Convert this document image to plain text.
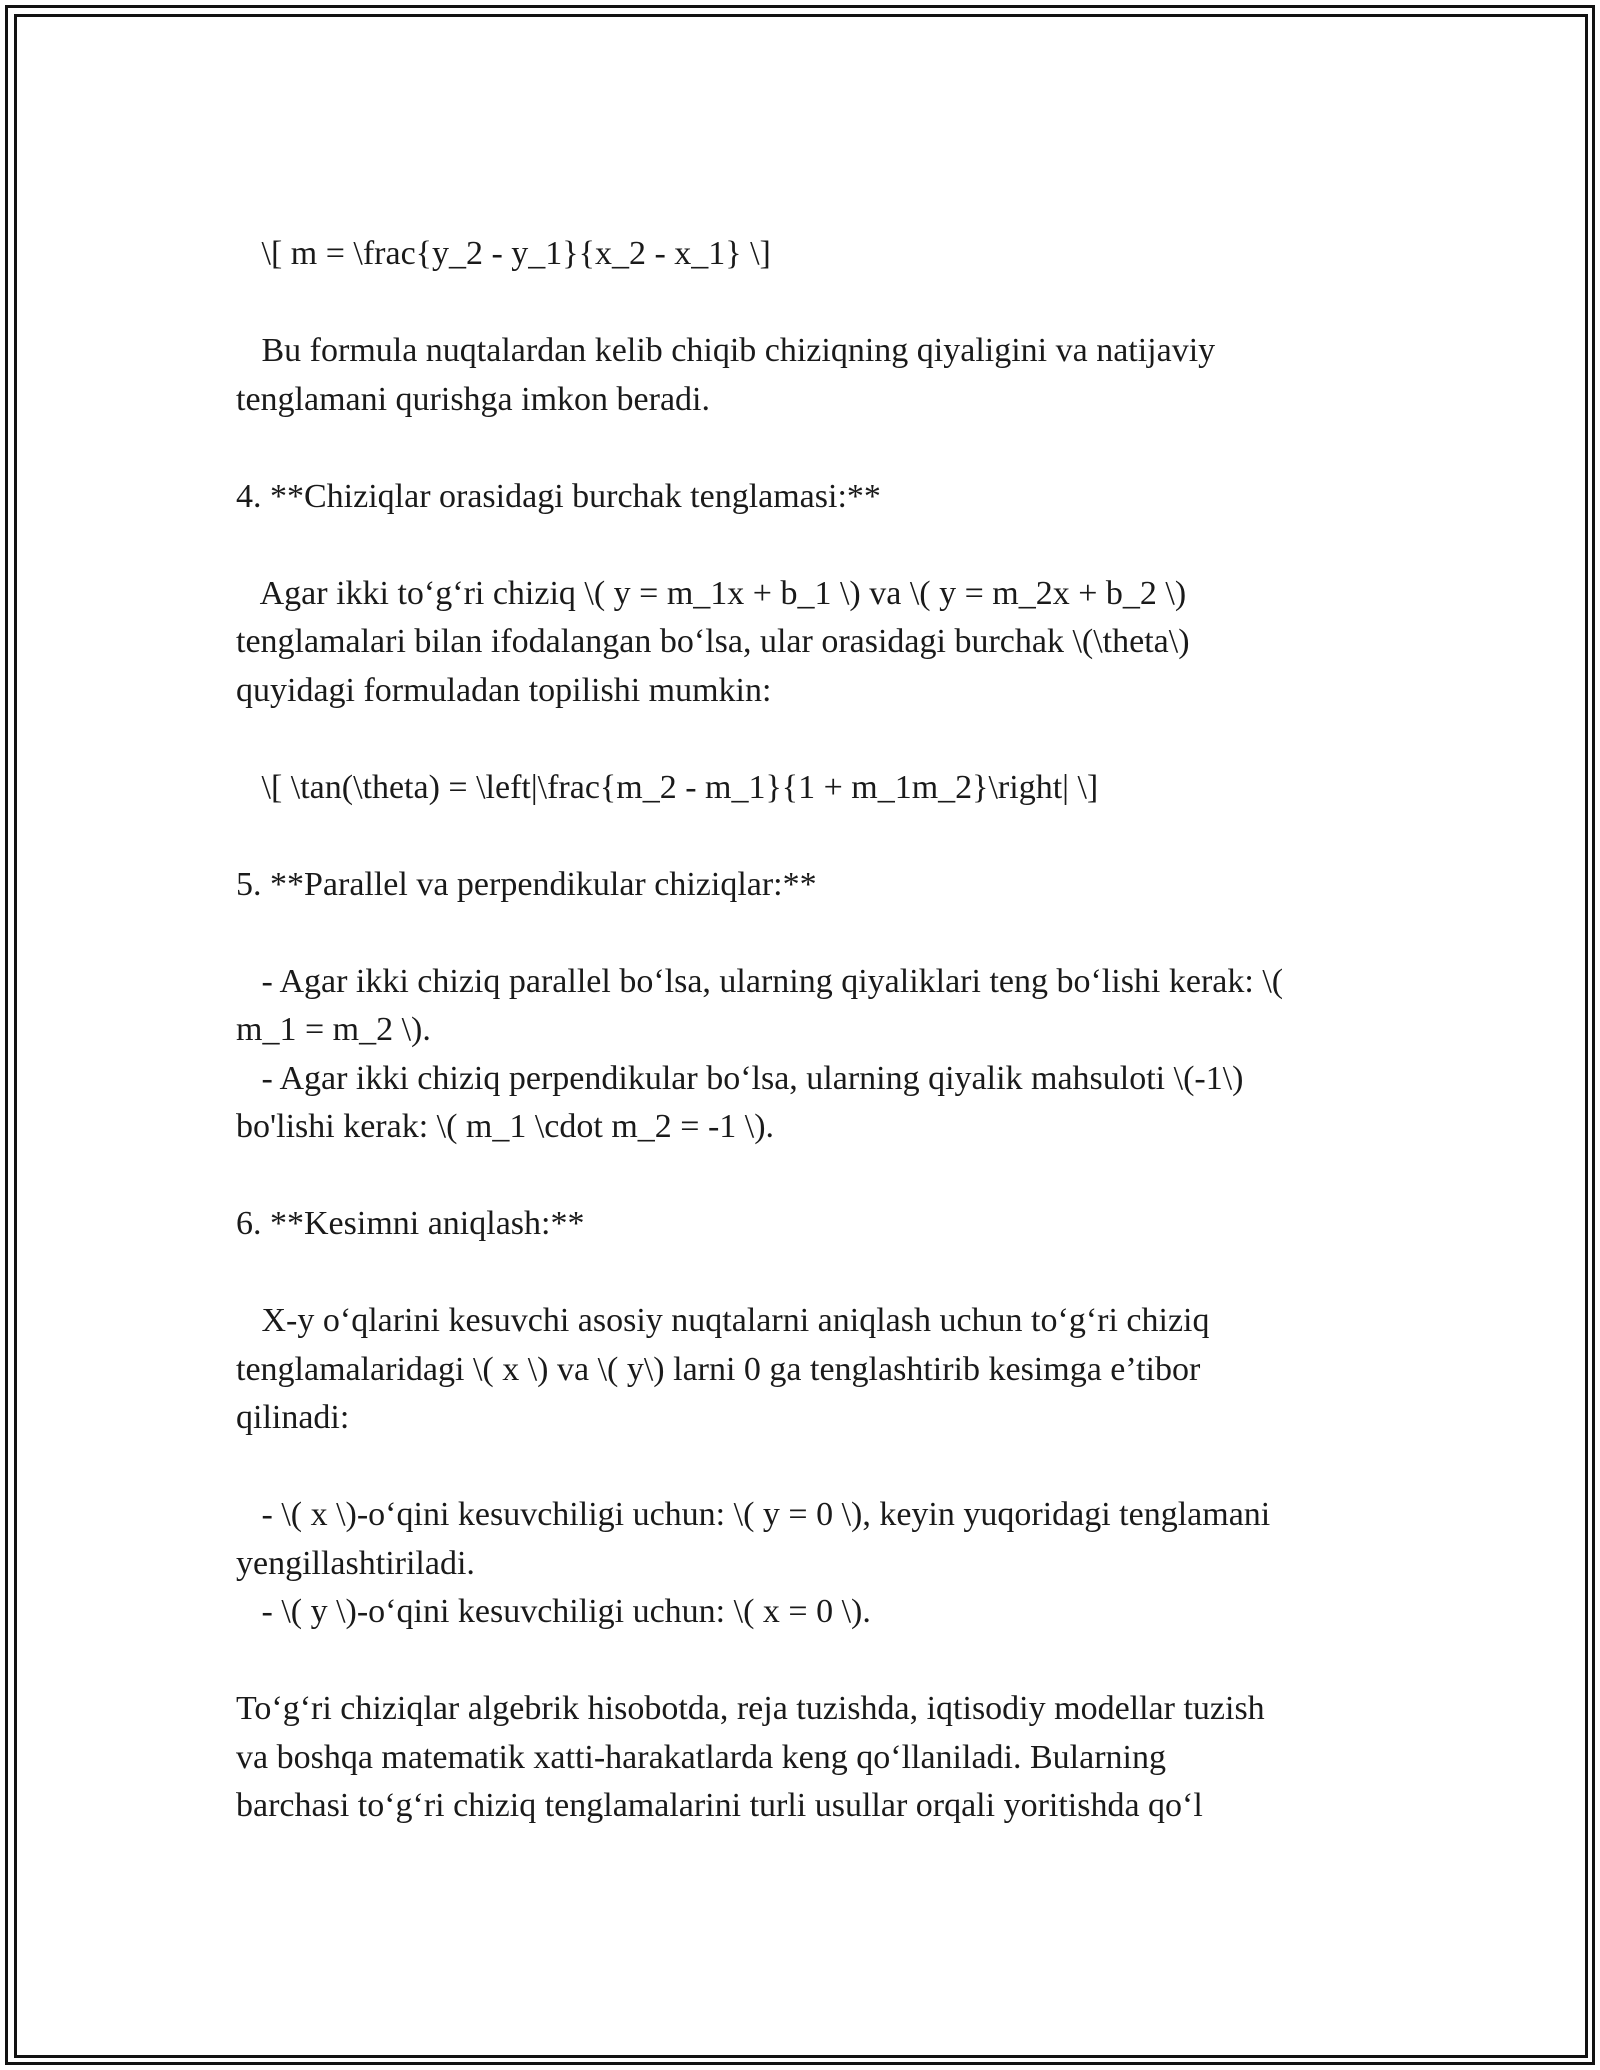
\[ m = \frac{y_2 - y_1}{x_2 - x_1} \]
Bu formula nuqtalardan kelib chiqib chiziqning qiyaligini va natijaviy
tenglamani qurishga imkon beradi.
4. **Chiziqlar orasidagi burchak tenglamasi:**
Agar ikki to‘g‘ri chiziq \( y = m_1x + b_1 \) va \( y = m_2x + b_2 \)
tenglamalari bilan ifodalangan bo‘lsa, ular orasidagi burchak \(\theta\)
quyidagi formuladan topilishi mumkin:
\[ \tan(\theta) = \left|\frac{m_2 - m_1}{1 + m_1m_2}\right| \]
5. **Parallel va perpendikular chiziqlar:**
- Agar ikki chiziq parallel bo‘lsa, ularning qiyaliklari teng bo‘lishi kerak: \(
m_1 = m_2 \).
- Agar ikki chiziq perpendikular bo‘lsa, ularning qiyalik mahsuloti \(-1\)
bo'lishi kerak: \( m_1 \cdot m_2 = -1 \).
6. **Kesimni aniqlash:**
X-y o‘qlarini kesuvchi asosiy nuqtalarni aniqlash uchun to‘g‘ri chiziq
tenglamalaridagi \( x \) va \( y\) larni 0 ga tenglashtirib kesimga e’tibor
qilinadi:
- \( x \)-o‘qini kesuvchiligi uchun: \( y = 0 \), keyin yuqoridagi tenglamani
yengillashtiriladi.
- \( y \)-o‘qini kesuvchiligi uchun: \( x = 0 \).
To‘g‘ri chiziqlar algebrik hisobotda, reja tuzishda, iqtisodiy modellar tuzish
va boshqa matematik xatti-harakatlarda keng qo‘llaniladi. Bularning
barchasi to‘g‘ri chiziq tenglamalarini turli usullar orqali yoritishda qo‘l
